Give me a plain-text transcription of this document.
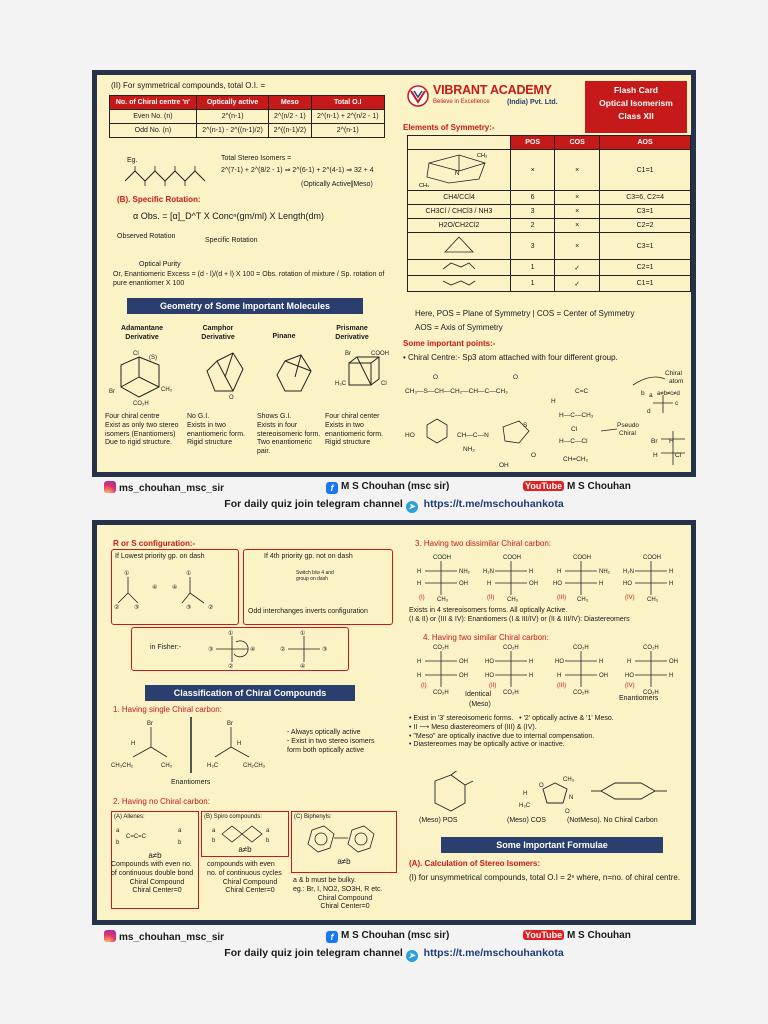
(II) For symmetrical compounds, total O.I. =
No. of Chiral centre 'n'	Optically active	Meso	Total O.I
Even No. (n)	2^(n-1)	2^(n/2 - 1)	2^(n-1) + 2^(n/2 - 1)
Odd No. (n)	2^(n-1) - 2^((n-1)/2)	2^((n-1)/2)	2^(n-1)
Eg.	Total Stereo Isomers =
2^(7-1) + 2^(8/2 - 1) ⇒ 2^(6-1) + 2^(4-1) ⇒ 32 + 4
(Optically Active)
(Meso)
(B). Specific Rotation:
α Obs. = [α]_D^T X Concⁿ(gm/ml) X Length(dm)
Observed Rotation
Specific Rotation
Optical Purity
Or, Enantiomeric Excess = (d - l)/(d + l) X 100 = Obs. rotation of mixture / Sp. rotation of pure enantiomer X 100
Geometry of Some Important Molecules
Adamantane Derivative
Camphor Derivative	Pinane
Prismane Derivative
Cl
(S)
Br	CH₃
CO₂H
Br	COOH
H₃C	Cl
O
Four chiral centre
Exist as only two stereo isomers (Enantiomers)
Due to rigid structure.
No G.I.
Exists in two enantiomeric form.
Rigid structure
Shows G.I.
Exists in four stereoisomeric form.
Two enantiomeric pair.
Four chiral center
Exists in two enantiomeric form.
Rigid structure
VIBRANT ACADEMY
Believe in Excellence (India) Pvt. Ltd.
Flash Card
Optical Isomerism
Class XII
Elements of Symmetry:-
	POS	COS	AOS

N
CH₃
CH₃	×	×	C1=1
CH4/CCl4	6	×	C3=6, C2=4
CH3Cl / CHCl3 / NH3	3	×	C3=1
H2O/CH2Cl2	2	×	C2=2
	3	×	C3=1
	1	✓	C2=1
	1	✓	C1=1
Here, POS = Plane of Symmetry | COS = Center of Symmetry
AOS = Axis of Symmetry
Some important points:-
• Chiral Centre:- Sp3 atom attached with four different group.
CH₃—S—CH—CH₂—CH—C—CH₃
O	O
HO	CH—C—N
NH₂
S
O
OH
H
C=C
H—C—CH₃
Cl
H—C—Cl
CH=CH₂
Pseudo
Chiral
Chiral
atom
a
c
d
b
Br H
H	Cl
a≠b≠c≠d
ms_chouhan_msc_sir	f M S Chouhan (msc sir)	YouTube M S Chouhan
For daily quiz join telegram channel ➤ https://t.me/mschouhankota
R or S configuration:-
If Lowest priority gp. on dash
①
② ③
④
①
④
②
③
If 4th priority gp. not on dash
Switch b/w 4 and group on dash
Odd interchanges inverts configuration
in Fisher:-
①
③	④
②
①
②	③
④
Classification of Chiral Compounds
1. Having single Chiral carbon:
Br
CH₃CH₂	CH₃
H
Br
H₃C	CH₂CH₃
H
- Always optically active
- Exist in two stereo isomers
form both optically active
Enantiomers
2. Having no Chiral carbon:
(A) Allenes:
a
b
C=C=C
a
b
a≠b
(B) Spiro compounds:
a	a
b	b
a≠b
(C) Biphenyls:
a≠b
Compounds with even no.
of continuous double bond
Chiral Compound
Chiral Center=0
compounds with even
no. of continuous cycles
Chiral Compound
Chiral Center=0
a & b must be bulky.
eg.: Br, I, NO2, SO3H, R etc.
Chiral Compound
Chiral Center=0
3. Having two dissimilar Chiral carbon:
COOH
H	NH₂
H	OH
CH₃
COOH
H₂N	H
H	OH
CH₃
COOH
H	NH₂
HO	H
CH₃
COOH
H₂N	H
HO	H
CH₃
(I)	(II)	(III)	(IV)
Exists in 4 stereoisomers forms. All optically Active.
(I & II) or (III & IV): Enantiomers (I & III/IV) or (II & III/IV): Diastereomers
4. Having two similar Chiral carbon:
CO₂H
H	OH
H	OH
CO₂H
CO₂H
HO	H
HO	H
CO₂H
CO₂H
HO	H
H	OH
CO₂H
CO₂H
H	OH
HO	H
CO₂H
(I)	(II)	(III)	(IV)
Identical
(Meso)
Enantiomers
• Exist in '3' stereoisomeric forms.   • '2' optically active & '1' Meso.
• II ⟶ Meso diastereomers of (III) & (IV).
• "Meso" are optically inactive due to internal compensation.
• Diastereomes may be optically active or inactive.
H
H₃C
CH₃
N
O
O
(Meso) POS	(Meso) COS	(NotMeso). No Chiral Carbon
Some Important Formulae
(A). Calculation of Stereo Isomers:
(I) for unsymmetrical compounds, total O.I = 2ⁿ where, n=no. of chiral centre.
ms_chouhan_msc_sir	f M S Chouhan (msc sir)	YouTube M S Chouhan
For daily quiz join telegram channel ➤ https://t.me/mschouhankota
